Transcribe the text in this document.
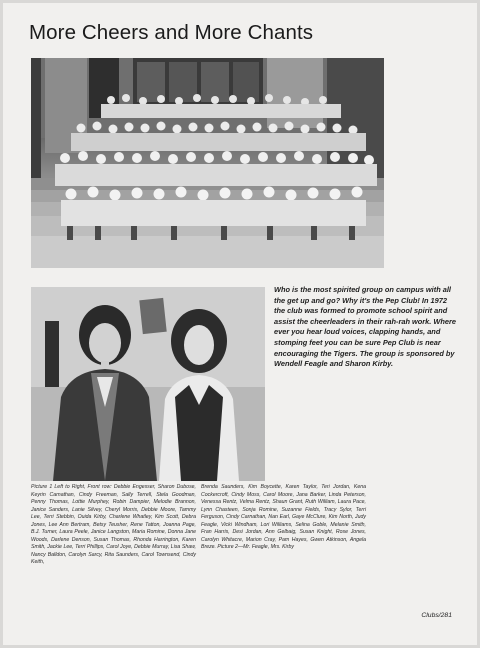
More Cheers and More Chants

Who is the most spirited group on campus with all the get up and go? Why it's the Pep Club! In 1972 the club was formed to promote school spirit and assist the cheerleaders in their rah-rah work. Where ever you hear loud voices, clapping hands, and stomping feet you can be sure Pep Club is near encouraging the Tigers. The group is sponsored by Wendell Feagle and Sharon Kirby.

Picture 1 Left to Right, Front row: Debbie Engesser, Sharon Dubose, Keyrin Carnathan, Cindy Freeman, Sally Terrell, Stela Goodman, Penny Thomas, Lottie Murphey, Robin Dampier, Melodie Brannon, Janice Sanders, Lanie Silvey, Cheryl Morris, Debbie Moore, Tammy Lee, Terri Stebbin, Ouida Kirby, Charlene Whatley, Kim Scott, Debra Jones, Lee Ann Bertram, Betsy Teusher, Rene Tatton, Joanna Page, B.J. Turner, Laura Peele, Janice Langston, Maria Romine, Donna Jane Woods, Darlene Denson, Susan Thomas, Rhonda Harrington, Karen Smith, Jackie Lee, Terri Phillips, Carol Joye, Debbie Murray, Lisa Shaw, Nancy Balldon, Carolyn Sarcy, Rita Saunders, Carol Townsend, Cindy Keith,

Brenda Saunders, Kim Boycette, Karen Taylor, Teri Jordan, Kena Cockercroft, Cindy Moss, Carol Moore, Jana Barker, Linda Peterson, Venessa Rentz, Velma Rentz, Shaun Grant, Ruth William, Laura Pace, Lynn Chasteen, Sonja Romine, Suzanne Fields, Tracy Sylor, Terri Ferguson, Cindy Carnathan, Nan Earl, Gaye McClure, Kim North, Judy Feagle, Vicki Windham, Lori Williams, Selina Goble, Melanie Smith, Fran Harris, Desi Jordan, Ann Gelbaig, Susan Knight, Rose Jones, Carolyn Whitacre, Marion Cray, Pam Hayes, Gwen Atkinson, Angela Breze. Picture 2—Mr. Feagle, Mrs. Kirby

Clubs/281
